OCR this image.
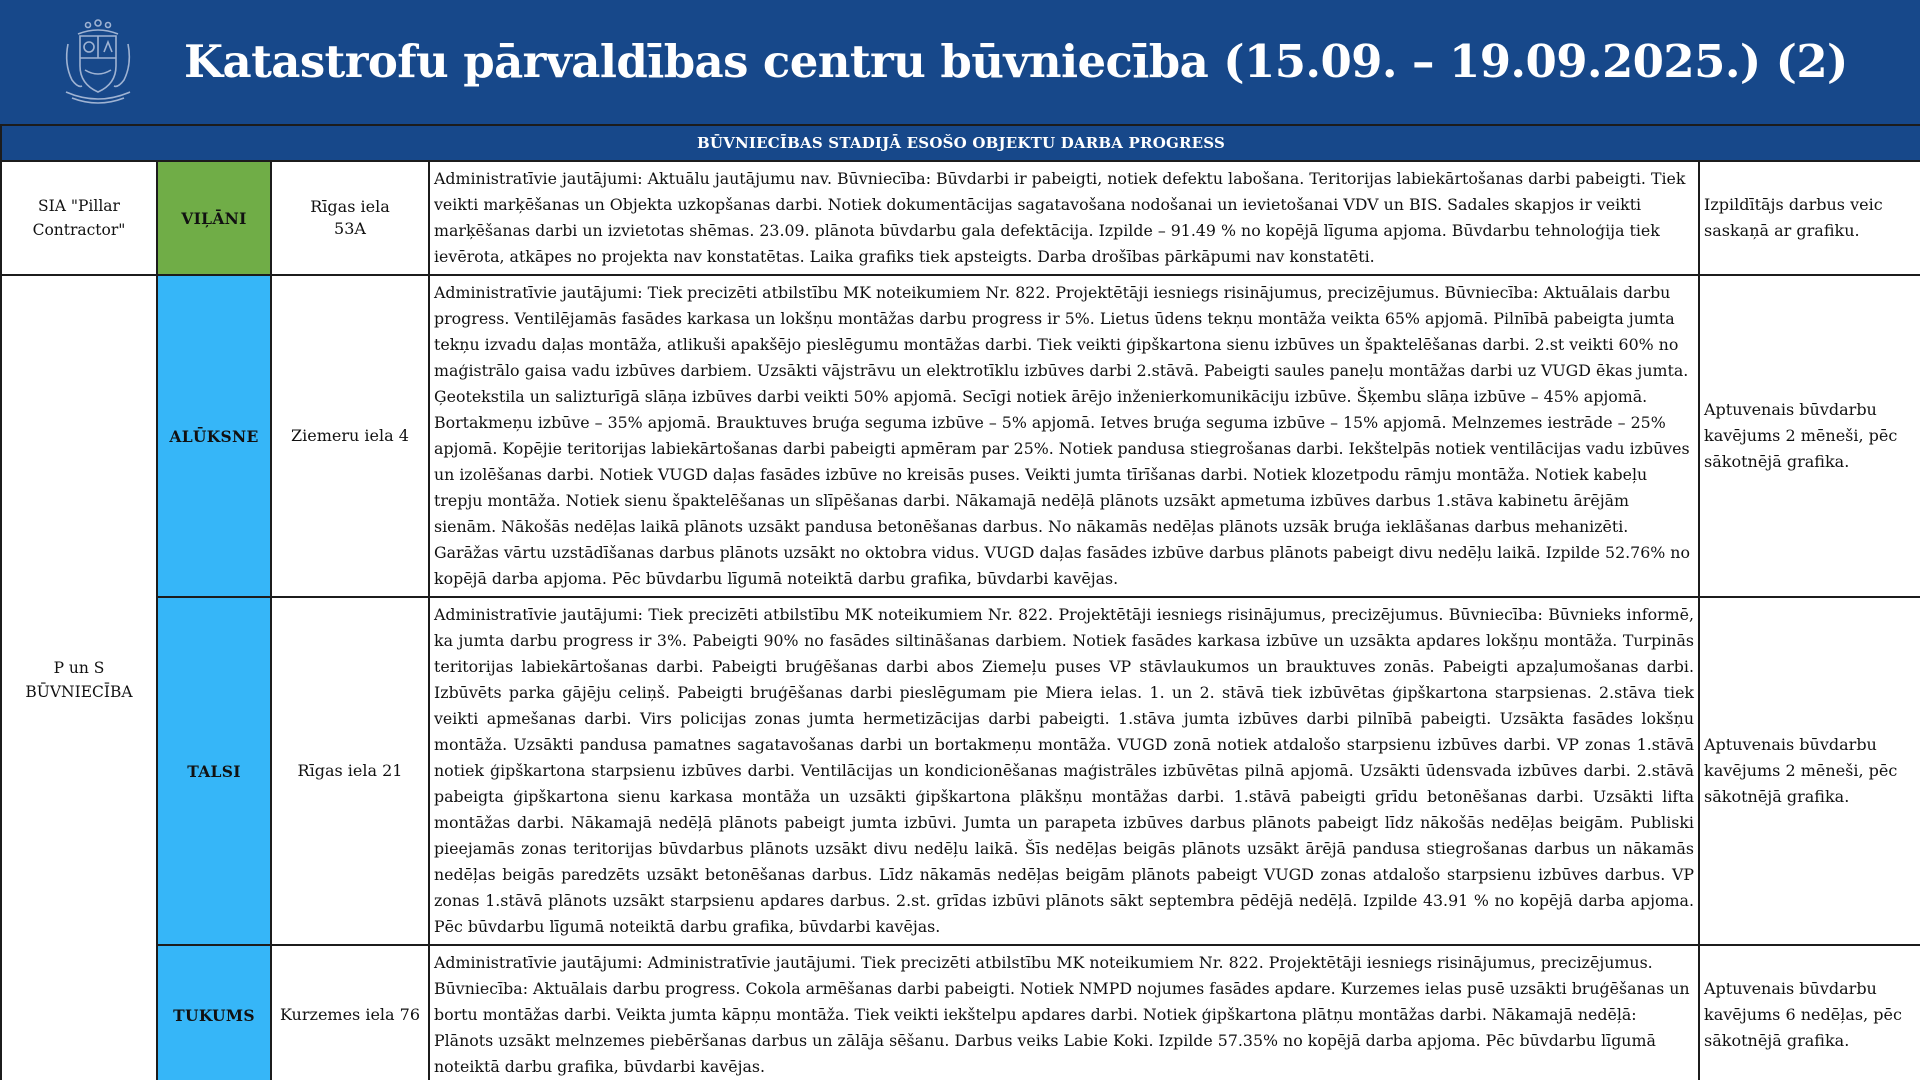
Katastrofu pārvaldības centru būvniecība (15.09. – 19.09.2025.) (2)
BŪVNIECĪBAS STADIJĀ ESOŠO OBJEKTU DARBA PROGRESS				
SIA "Pillar Contractor"	VIĻĀNI	Rīgas iela 53A	Administratīvie jautājumi: Aktuālu jautājumu nav. Būvniecība: Būvdarbi ir pabeigti, notiek defektu labošana. Teritorijas labiekārtošanas darbi pabeigti. Tiek veikti marķēšanas un Objekta uzkopšanas darbi. Notiek dokumentācijas sagatavošana nodošanai un ievietošanai VDV un BIS. Sadales skapjos ir veikti marķēšanas darbi un izvietotas shēmas. 23.09. plānota būvdarbu gala defektācija. Izpilde – 91.49 % no kopējā līguma apjoma. Būvdarbu tehnoloģija tiek ievērota, atkāpes no projekta nav konstatētas. Laika grafiks tiek apsteigts. Darba drošības pārkāpumi nav konstatēti.	Izpildītājs darbus veic saskaņā ar grafiku.
P un S BŪVNIECĪBA	ALŪKSNE	Ziemeru iela 4	Administratīvie jautājumi: Tiek precizēti atbilstību MK noteikumiem Nr. 822. Projektētāji iesniegs risinājumus, precizējumus. Būvniecība: Aktuālais darbu progress. Ventilējamās fasādes karkasa un lokšņu montāžas darbu progress ir 5%. Lietus ūdens tekņu montāža veikta 65% apjomā. Pilnībā pabeigta jumta tekņu izvadu daļas montāža, atlikuši apakšējo pieslēgumu montāžas darbi. Tiek veikti ģipškartona sienu izbūves un špaktelēšanas darbi. 2.st veikti 60% no maģistrālo gaisa vadu izbūves darbiem. Uzsākti vājstrāvu un elektrotīklu izbūves darbi 2.stāvā. Pabeigti saules paneļu montāžas darbi uz VUGD ēkas jumta. Ģeotekstila un salizturīgā slāņa izbūves darbi veikti 50% apjomā. Secīgi notiek ārējo inženierkomunikāciju izbūve. Šķembu slāņa izbūve – 45% apjomā. Bortakmeņu izbūve – 35% apjomā. Brauktuves bruģa seguma izbūve – 5% apjomā. Ietves bruģa seguma izbūve – 15% apjomā. Melnzemes iestrāde – 25% apjomā. Kopējie teritorijas labiekārtošanas darbi pabeigti apmēram par 25%. Notiek pandusa stiegrošanas darbi. Iekštelpās notiek ventilācijas vadu izbūves un izolēšanas darbi. Notiek VUGD daļas fasādes izbūve no kreisās puses. Veikti jumta tīrīšanas darbi. Notiek klozetpodu rāmju montāža. Notiek kabeļu trepju montāža. Notiek sienu špaktelēšanas un slīpēšanas darbi. Nākamajā nedēļā plānots uzsākt apmetuma izbūves darbus 1.stāva kabinetu ārējām sienām. Nākošās nedēļas laikā plānots uzsākt pandusa betonēšanas darbus. No nākamās nedēļas plānots uzsāk bruģa ieklāšanas darbus mehanizēti. Garāžas vārtu uzstādīšanas darbus plānots uzsākt no oktobra vidus. VUGD daļas fasādes izbūve darbus plānots pabeigt divu nedēļu laikā. Izpilde 52.76% no kopējā darba apjoma. Pēc būvdarbu līgumā noteiktā darbu grafika, būvdarbi kavējas.	Aptuvenais būvdarbu kavējums 2 mēneši, pēc sākotnējā grafika.
	TALSI	Rīgas iela 21	Administratīvie jautājumi: Tiek precizēti atbilstību MK noteikumiem Nr. 822. Projektētāji iesniegs risinājumus, precizējumus. Būvniecība: Būvnieks informē, ka jumta darbu progress ir 3%. Pabeigti 90% no fasādes siltināšanas darbiem. Notiek fasādes karkasa izbūve un uzsākta apdares lokšņu montāža. Turpinās teritorijas labiekārtošanas darbi. Pabeigti bruģēšanas darbi abos Ziemeļu puses VP stāvlaukumos un brauktuves zonās. Pabeigti apzaļumošanas darbi. Izbūvēts parka gājēju celiņš. Pabeigti bruģēšanas darbi pieslēgumam pie Miera ielas. 1. un 2. stāvā tiek izbūvētas ģipškartona starpsienas. 2.stāva tiek veikti apmešanas darbi. Virs policijas zonas jumta hermetizācijas darbi pabeigti. 1.stāva jumta izbūves darbi pilnībā pabeigti. Uzsākta fasādes lokšņu montāža. Uzsākti pandusa pamatnes sagatavošanas darbi un bortakmeņu montāža. VUGD zonā notiek atdalošo starpsienu izbūves darbi. VP zonas 1.stāvā notiek ģipškartona starpsienu izbūves darbi. Ventilācijas un kondicionēšanas maģistrāles izbūvētas pilnā apjomā. Uzsākti ūdensvada izbūves darbi. 2.stāvā pabeigta ģipškartona sienu karkasa montāža un uzsākti ģipškartona plākšņu montāžas darbi. 1.stāvā pabeigti grīdu betonēšanas darbi. Uzsākti lifta montāžas darbi. Nākamajā nedēļā plānots pabeigt jumta izbūvi. Jumta un parapeta izbūves darbus plānots pabeigt līdz nākošās nedēļas beigām. Publiski pieejamās zonas teritorijas būvdarbus plānots uzsākt divu nedēļu laikā. Šīs nedēļas beigās plānots uzsākt ārējā pandusa stiegrošanas darbus un nākamās nedēļas beigās paredzēts uzsākt betonēšanas darbus. Līdz nākamās nedēļas beigām plānots pabeigt VUGD zonas atdalošo starpsienu izbūves darbus. VP zonas 1.stāvā plānots uzsākt starpsienu apdares darbus. 2.st. grīdas izbūvi plānots sākt septembra pēdējā nedēļā. Izpilde 43.91 % no kopējā darba apjoma. Pēc būvdarbu līgumā noteiktā darbu grafika, būvdarbi kavējas.	Aptuvenais būvdarbu kavējums 2 mēneši, pēc sākotnējā grafika.
	TUKUMS	Kurzemes iela 76	Administratīvie jautājumi: Administratīvie jautājumi. Tiek precizēti atbilstību MK noteikumiem Nr. 822. Projektētāji iesniegs risinājumus, precizējumus. Būvniecība: Aktuālais darbu progress. Cokola armēšanas darbi pabeigti. Notiek NMPD nojumes fasādes apdare. Kurzemes ielas pusē uzsākti bruģēšanas un bortu montāžas darbi. Veikta jumta kāpņu montāža. Tiek veikti iekštelpu apdares darbi. Notiek ģipškartona plātņu montāžas darbi. Nākamajā nedēļā: Plānots uzsākt melnzemes piebēršanas darbus un zālāja sēšanu. Darbus veiks Labie Koki. Izpilde 57.35% no kopējā darba apjoma. Pēc būvdarbu līgumā noteiktā darbu grafika, būvdarbi kavējas.	Aptuvenais būvdarbu kavējums 6 nedēļas, pēc sākotnējā grafika.
